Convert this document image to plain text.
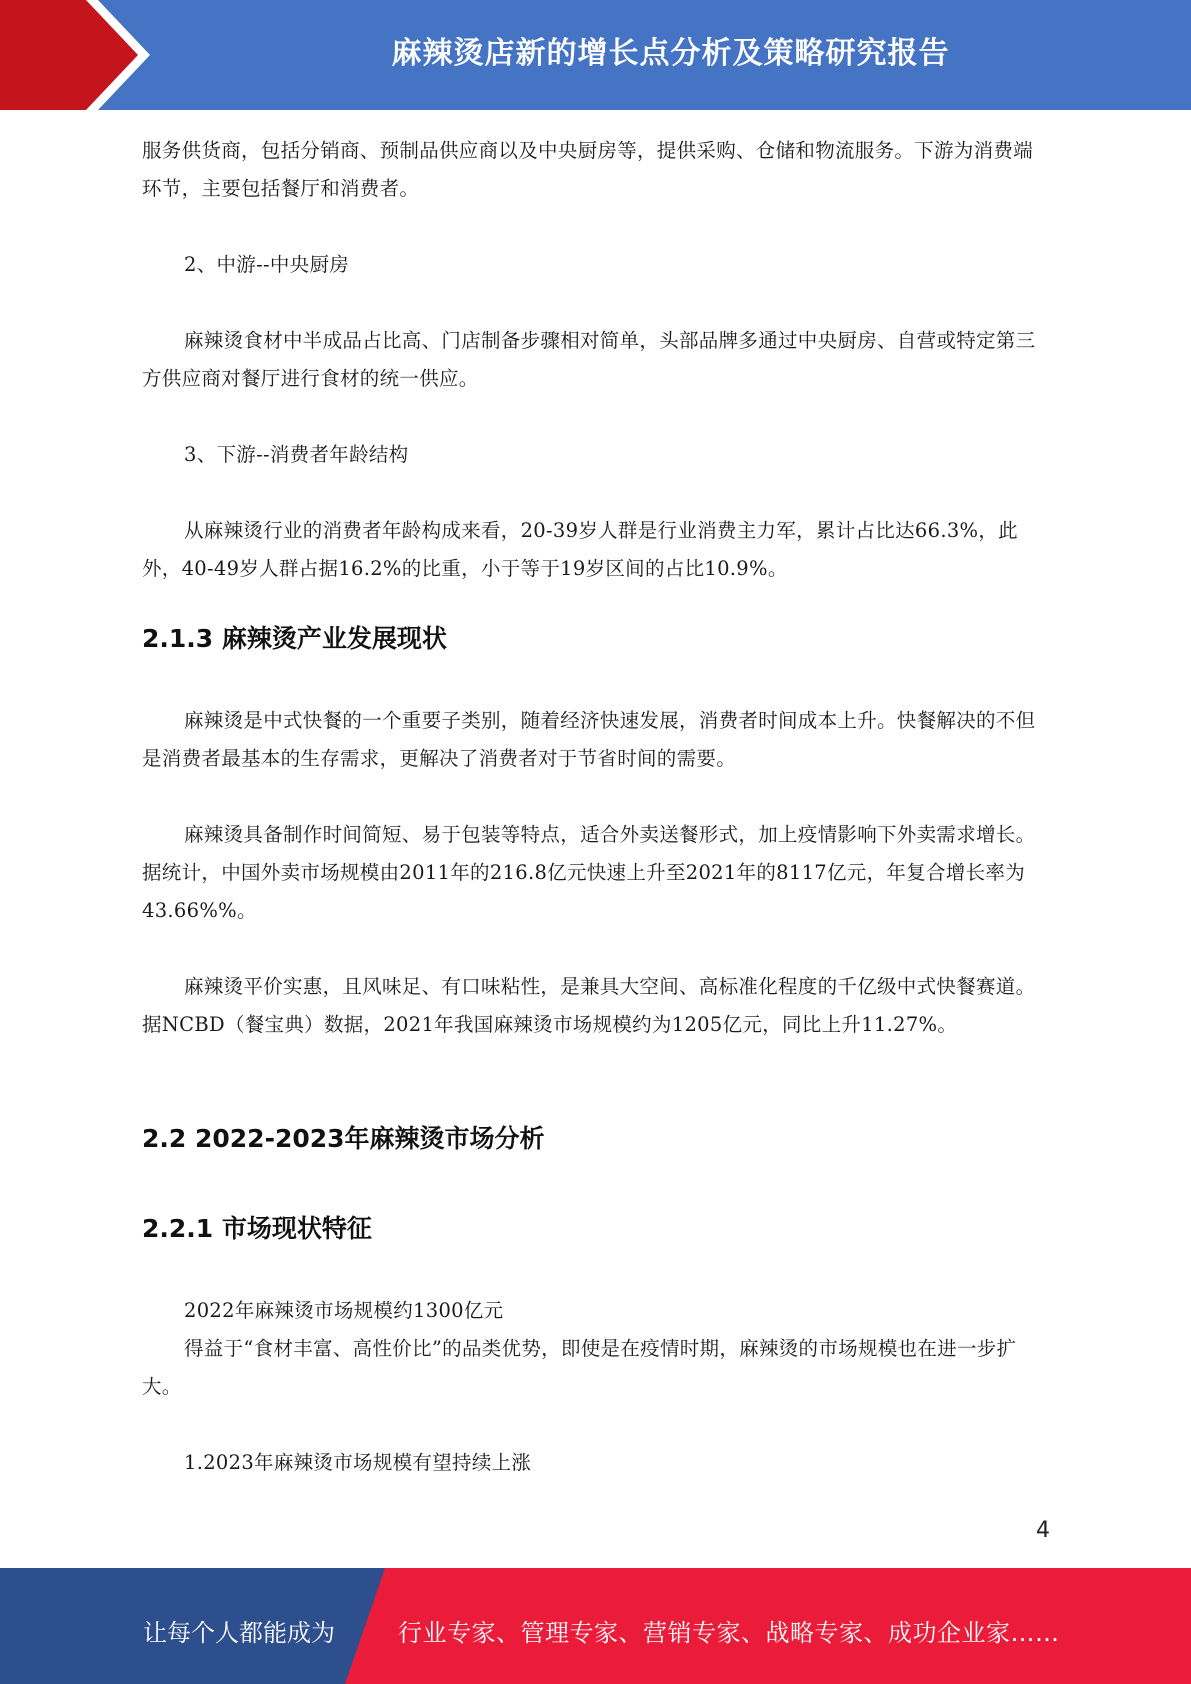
麻辣烫店新的增长点分析及策略研究报告

服务供货商，包括分销商、预制品供应商以及中央厨房等，提供采购、仓储和物流服务。下游为消费端环节，主要包括餐厅和消费者。

2、中游--中央厨房

麻辣烫食材中半成品占比高、门店制备步骤相对简单，头部品牌多通过中央厨房、自营或特定第三方供应商对餐厅进行食材的统一供应。

3、下游--消费者年龄结构

从麻辣烫行业的消费者年龄构成来看，20-39岁人群是行业消费主力军，累计占比达66.3%，此外，40-49岁人群占据16.2%的比重，小于等于19岁区间的占比10.9%。

2.1.3 麻辣烫产业发展现状

麻辣烫是中式快餐的一个重要子类别，随着经济快速发展，消费者时间成本上升。快餐解决的不但是消费者最基本的生存需求，更解决了消费者对于节省时间的需要。

麻辣烫具备制作时间简短、易于包装等特点，适合外卖送餐形式，加上疫情影响下外卖需求增长。据统计，中国外卖市场规模由2011年的216.8亿元快速上升至2021年的8117亿元，年复合增长率为43.66%%。

麻辣烫平价实惠，且风味足、有口味粘性，是兼具大空间、高标准化程度的千亿级中式快餐赛道。据NCBD（餐宝典）数据，2021年我国麻辣烫市场规模约为1205亿元，同比上升11.27%。

2.2 2022-2023年麻辣烫市场分析
2.2.1 市场现状特征

2022年麻辣烫市场规模约1300亿元

得益于“食材丰富、高性价比”的品类优势，即使是在疫情时期，麻辣烫的市场规模也在进一步扩大。

1.2023年麻辣烫市场规模有望持续上涨

4
让每个人都能成为	行业专家、管理专家、营销专家、战略专家、成功企业家……
